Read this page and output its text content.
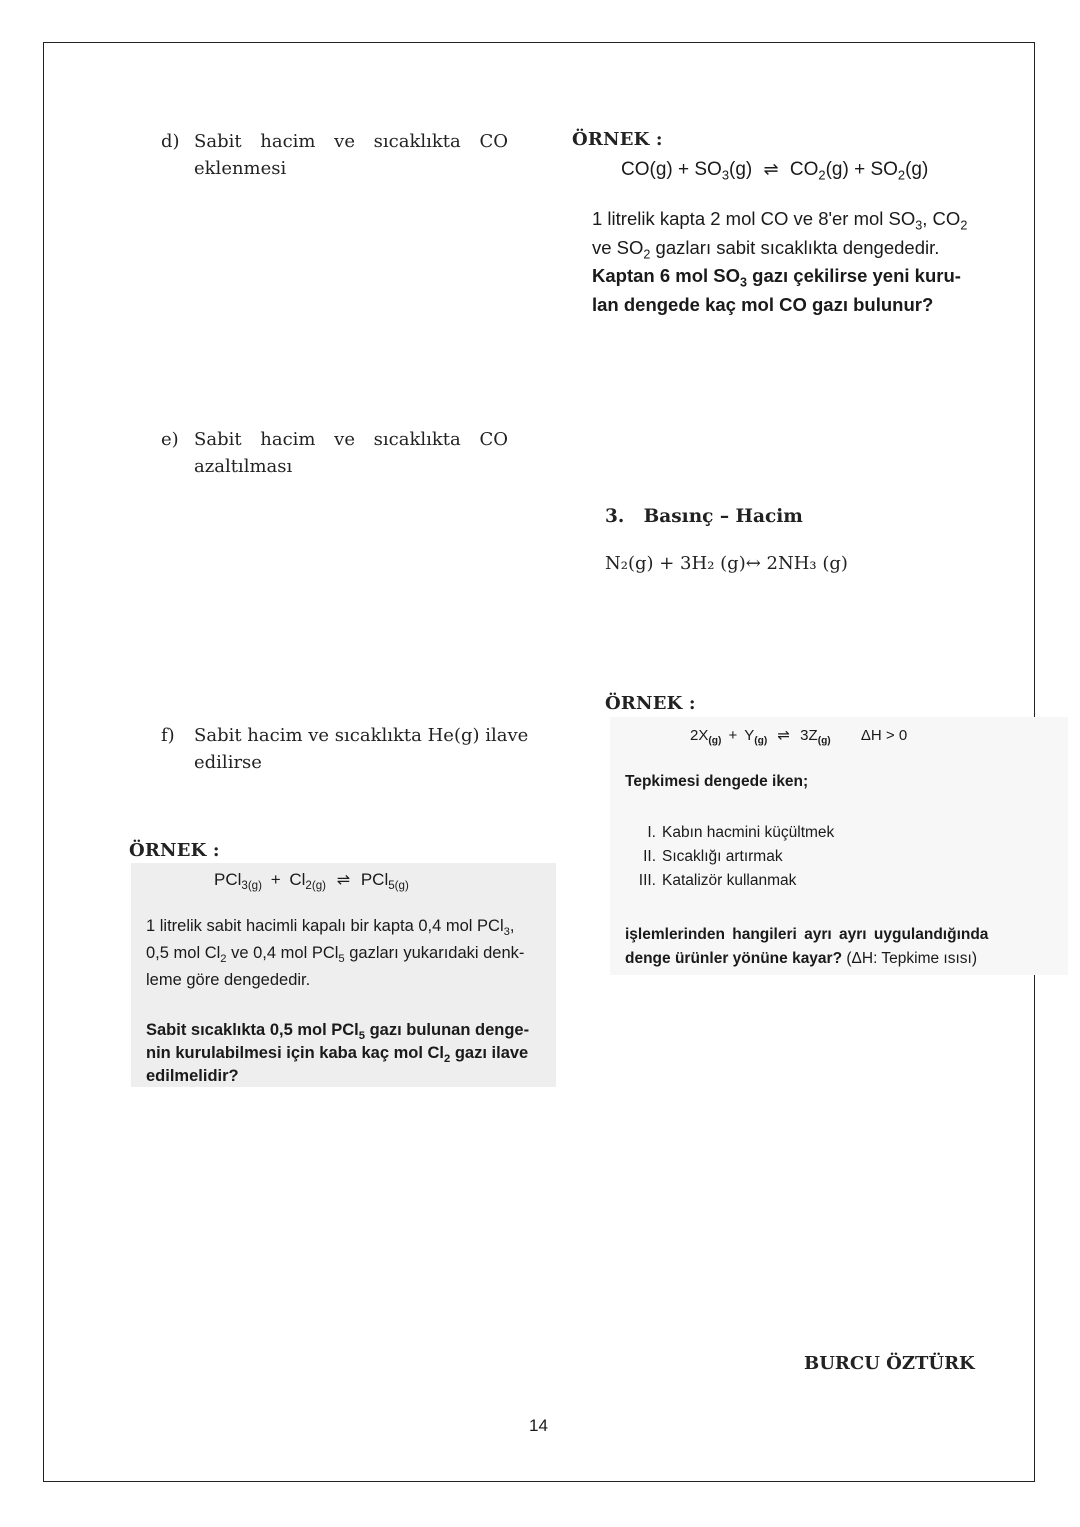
d) Sabit hacim ve sıcaklıkta CO
eklenmesi
e) Sabit hacim ve sıcaklıkta CO
azaltılması
f) Sabit hacim ve sıcaklıkta He(g) ilave
edilirse
ÖRNEK :
$PCl_{3(g)} + Cl_{2(g)}$ ⇌ PCl$_{5(g)}$
1 litrelik sabit hacimli kapalı bir kapta 0,4 mol PCl$_3$,
0,5 mol $Cl_2$ ve 0,4 mol PCl$_5$ gazları yukarıdaki denk-
leme göre dengededir.
Sabit sıcaklıkta 0,5 mol PCl$_5$ gazı bulunan denge-
nin kurulabilmesi için kaba kaç mol $Cl_2$ gazı ilave
edilmelidir?
ÖRNEK :
$CO(g) + SO_3(g)$ ⇌ $CO_2(g) + SO_2(g)$
1 litrelik kapta 2 mol CO ve 8'er mol $SO_3$, $CO_2$
ve $SO_2$ gazları sabit sıcaklıkta dengededir.
Kaptan 6 mol $SO_3$ gazı çekilirse yeni kuru-
lan dengede kaç mol CO gazı bulunur?
3.   Basınç – Hacim
N₂(g) + 3H₂ (g)↔ 2NH₃ (g)
ÖRNEK :
$2X_{(g)} + Y_{(g)}$ ⇌ $3Z_{(g)}$ ΔH > 0
Tepkimesi dengede iken;
I. Kabın hacmini küçültmek
II. Sıcaklığı artırmak
III. Katalizör kullanmak
işlemlerinden hangileri ayrı ayrı uygulandığında
denge ürünler yönüne kayar? (ΔH: Tepkime ısısı)
BURCU ÖZTÜRK
14
